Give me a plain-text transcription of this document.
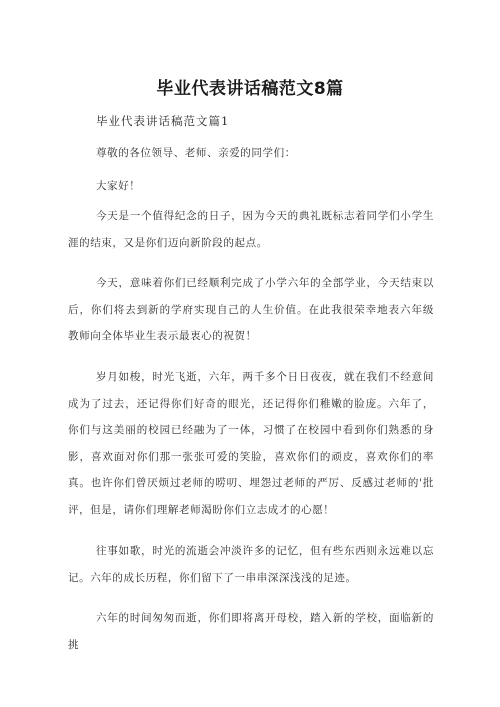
毕业代表讲话稿范文8篇
毕业代表讲话稿范文篇1

尊敬的各位领导、老师、亲爱的同学们：

大家好！

今天是一个值得纪念的日子，因为今天的典礼既标志着同学们小学生涯的结束，又是你们迈向新阶段的起点。

今天，意味着你们已经顺利完成了小学六年的全部学业，今天结束以后，你们将去到新的学府实现自己的人生价值。在此我很荣幸地表六年级教师向全体毕业生表示最衷心的祝贺！

岁月如梭，时光飞逝，六年，两千多个日日夜夜，就在我们不经意间成为了过去，还记得你们好奇的眼光，还记得你们稚嫩的脸庞。六年了，你们与这美丽的校园已经融为了一体，习惯了在校园中看到你们熟悉的身影，喜欢面对你们那一张张可爱的笑脸，喜欢你们的顽皮，喜欢你们的率真。也许你们曾厌烦过老师的唠叨、埋怨过老师的严厉、反感过老师的'批评，但是，请你们理解老师渴盼你们立志成才的心愿！

往事如歌，时光的流逝会冲淡许多的记忆，但有些东西则永远难以忘记。六年的成长历程，你们留下了一串串深深浅浅的足迹。

六年的时间匆匆而逝，你们即将离开母校，踏入新的学校，面临新的挑
